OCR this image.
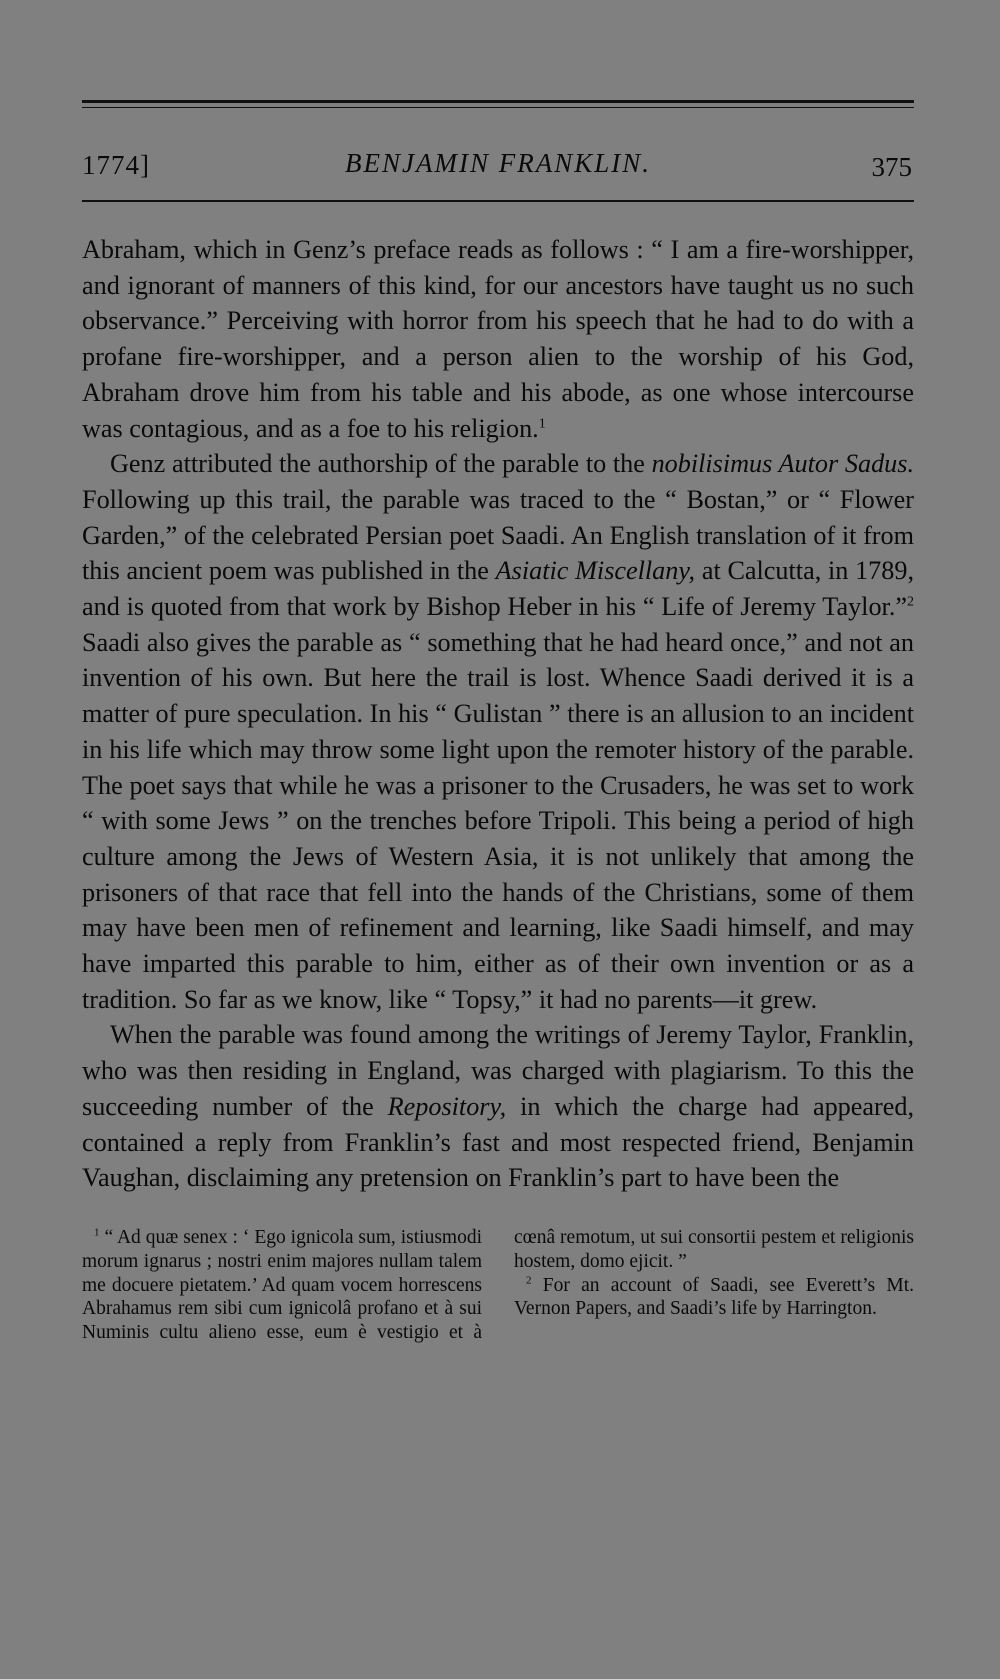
1774]	BENJAMIN FRANKLIN.	375

Abraham, which in Genz’s preface reads as follows : “ I am a fire-worshipper, and ignorant of manners of this kind, for our ancestors have taught us no such observance.” Perceiving with horror from his speech that he had to do with a profane fire-worshipper, and a person alien to the worship of his God, Abraham drove him from his table and his abode, as one whose intercourse was contagious, and as a foe to his religion.$^1$

Genz attributed the authorship of the parable to the nobilisimus Autor Sadus. Following up this trail, the parable was traced to the “ Bostan,” or “ Flower Garden,” of the celebrated Persian poet Saadi. An English translation of it from this ancient poem was published in the Asiatic Miscellany, at Calcutta, in 1789, and is quoted from that work by Bishop Heber in his “ Life of Jeremy Taylor.”$^2$ Saadi also gives the parable as “ something that he had heard once,” and not an invention of his own. But here the trail is lost. Whence Saadi derived it is a matter of pure speculation. In his “ Gulistan ” there is an allusion to an incident in his life which may throw some light upon the remoter history of the parable. The poet says that while he was a prisoner to the Crusaders, he was set to work “ with some Jews ” on the trenches before Tripoli. This being a period of high culture among the Jews of Western Asia, it is not unlikely that among the prisoners of that race that fell into the hands of the Christians, some of them may have been men of refinement and learning, like Saadi himself, and may have imparted this parable to him, either as of their own invention or as a tradition. So far as we know, like “ Topsy,” it had no parents—it grew.

When the parable was found among the writings of Jeremy Taylor, Franklin, who was then residing in England, was charged with plagiarism. To this the succeeding number of the Repository, in which the charge had appeared, contained a reply from Franklin’s fast and most respected friend, Benjamin Vaughan, disclaiming any pretension on Franklin’s part to have been the

$^1$ “ Ad quæ senex : ‘ Ego ignicola sum, istiusmodi morum ignarus ; nostri enim majores nullam talem me docuere pietatem.’ Ad quam vocem horrescens Abrahamus rem sibi cum ignicolâ profano et à sui Numinis cultu alieno esse, eum è vestigio et à cœnâ remotum, ut sui consortii pestem et religionis hostem, domo ejicit. ”

$^2$ For an account of Saadi, see Everett’s Mt. Vernon Papers, and Saadi’s life by Harrington.
